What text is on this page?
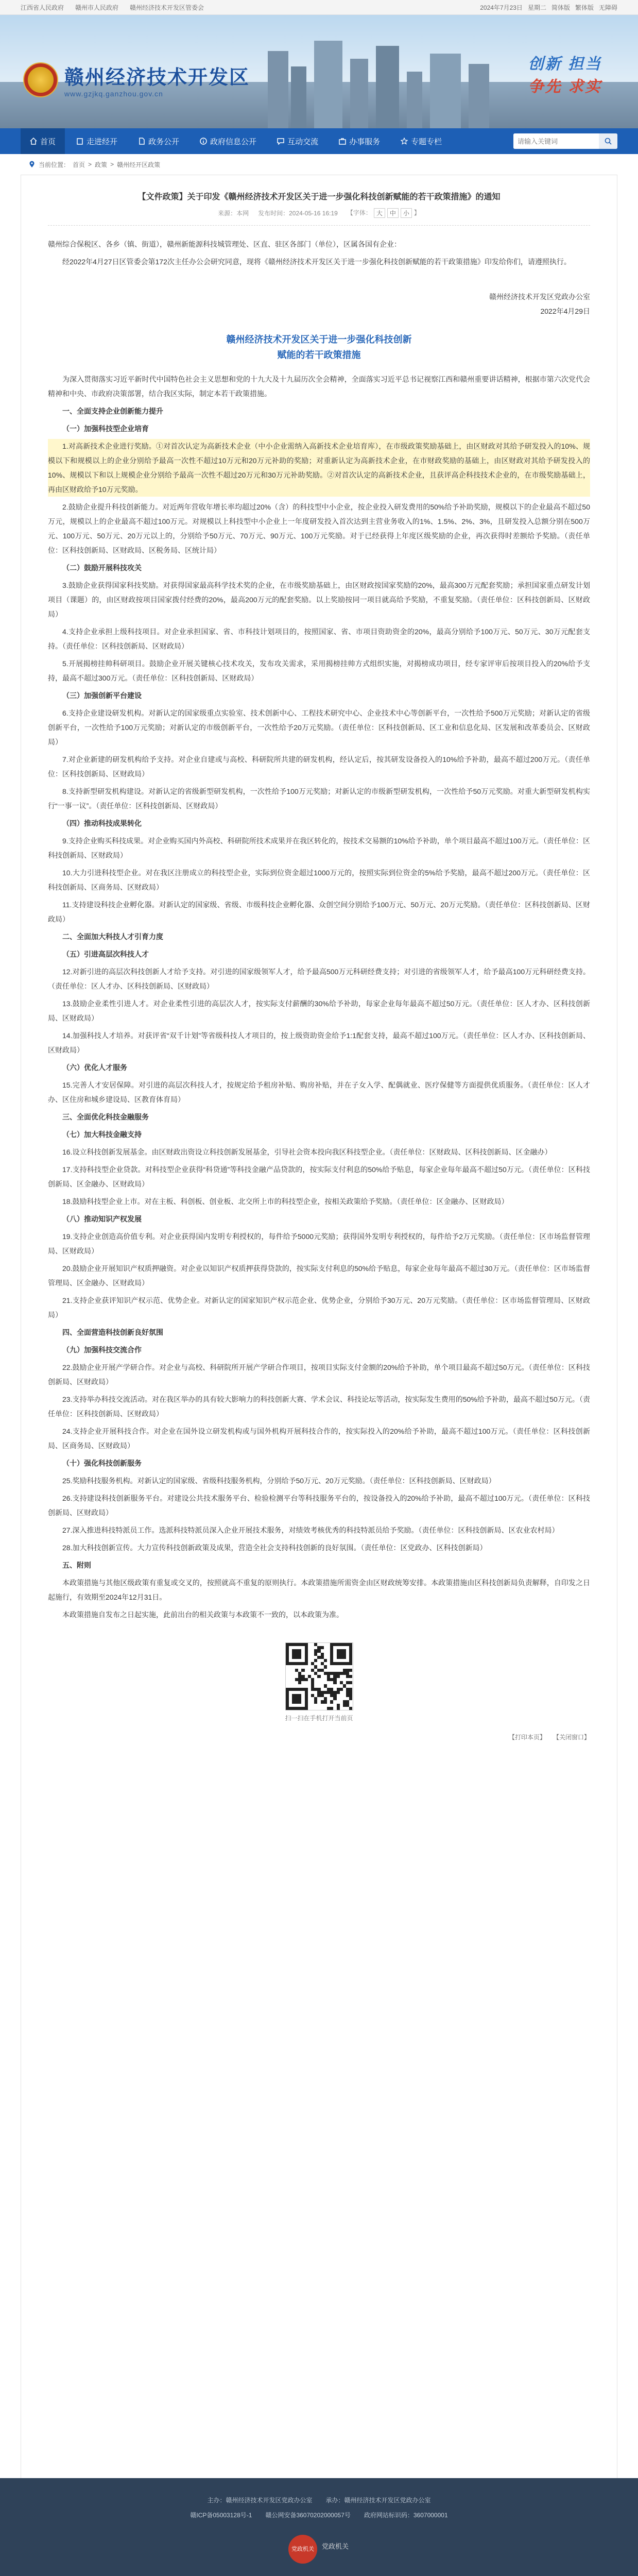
江西省人民政府 赣州市人民政府 赣州经济技术开发区管委会	2024年7月23日 星期二 简体版 繁体版 无障碍
赣州经济技术开发区
www.gzjkq.ganzhou.gov.cn
创新 担当
争先 求实
首页	走进经开	政务公开	政府信息公开	互动交流	办事服务	专题专栏
请输入关键词
当前位置： 首页 > 政策 > 赣州经开区政策
【文件政策】关于印发《赣州经济技术开发区关于进一步强化科技创新赋能的若干政策措施》的通知
来源：本网 发布时间：2024-05-16 16:19 【字体： 大	中	小 】

赣州综合保税区、各乡（镇、街道），赣州新能源科技城管理处、区直、驻区各部门（单位），区属各国有企业：

经2022年4月27日区管委会第172次主任办公会研究同意，现将《赣州经济技术开发区关于进一步强化科技创新赋能的若干政策措施》印发给你们，请遵照执行。

赣州经济技术开发区党政办公室

2022年4月29日

赣州经济技术开发区关于进一步强化科技创新
赋能的若干政策措施

为深入贯彻落实习近平新时代中国特色社会主义思想和党的十九大及十九届历次全会精神，全面落实习近平总书记视察江西和赣州重要讲话精神，根据市第六次党代会精神和中央、市政府决策部署，结合我区实际，制定本若干政策措施。

一、全面支持企业创新能力提升

（一）加强科技型企业培育

1.对高新技术企业进行奖励。①对首次认定为高新技术企业（中小企业需纳入高新技术企业培育库），在市级政策奖励基础上，由区财政对其给予研发投入的10%、规模以下和规模以上的企业分别给予最高一次性不超过10万元和20万元补助的奖励；对重新认定为高新技术企业，在市财政奖励的基础上，由区财政对其给予研发投入的10%、规模以下和以上规模企业分别给予最高一次性不超过20万元和30万元补助奖励。②对首次认定的高新技术企业，且获评高企科技技术企业的，在市级奖励基础上，再由区财政给予10万元奖励。

2.鼓励企业提升科技创新能力。对近两年营收年增长率均超过20%（含）的科技型中小企业，按企业投入研发费用的50%给予补助奖励，规模以下的企业最高不超过50万元，规模以上的企业最高不超过100万元。对规模以上科技型中小企业上一年度研发投入首次达到主营业务收入的1%、1.5%、2%、3%，且研发投入总额分别在500万元、100万元、50万元、20万元以上的，分别给予50万元、70万元、90万元、100万元奖励。对于已经获得上年度区级奖励的企业，再次获得时差额给予奖励。（责任单位：区科技创新局、区财政局、区税务局、区统计局）

（二）鼓励开展科技攻关

3.鼓励企业获得国家科技奖励。对获得国家最高科学技术奖的企业，在市级奖励基础上，由区财政按国家奖励的20%，最高300万元配套奖励；承担国家重点研发计划项目（课题）的，由区财政按项目国家拨付经费的20%，最高200万元的配套奖励。以上奖励按同一项目就高给予奖励，不重复奖励。（责任单位：区科技创新局、区财政局）

4.支持企业承担上级科技项目。对企业承担国家、省、市科技计划项目的，按照国家、省、市项目资助资金的20%，最高分别给予100万元、50万元、30万元配套支持。（责任单位：区科技创新局、区财政局）

5.开展揭榜挂帅科研项目。鼓励企业开展关键核心技术攻关，发布攻关需求，采用揭榜挂帅方式组织实施，对揭榜成功项目，经专家评审后按项目投入的20%给予支持，最高不超过300万元。（责任单位：区科技创新局、区财政局）

（三）加强创新平台建设

6.支持企业建设研发机构。对新认定的国家级重点实验室、技术创新中心、工程技术研究中心、企业技术中心等创新平台，一次性给予500万元奖励；对新认定的省级创新平台，一次性给予100万元奖励；对新认定的市级创新平台，一次性给予20万元奖励。（责任单位：区科技创新局、区工业和信息化局、区发展和改革委员会、区财政局）

7.对企业新建的研发机构给予支持。对企业自建或与高校、科研院所共建的研发机构，经认定后，按其研发设备投入的10%给予补助，最高不超过200万元。（责任单位：区科技创新局、区财政局）

8.支持新型研发机构建设。对新认定的省级新型研发机构，一次性给予100万元奖励；对新认定的市级新型研发机构，一次性给予50万元奖励。对重大新型研发机构实行“一事一议”。（责任单位：区科技创新局、区财政局）

（四）推动科技成果转化

9.支持企业购买科技成果。对企业购买国内外高校、科研院所技术成果并在我区转化的，按技术交易额的10%给予补助，单个项目最高不超过100万元。（责任单位：区科技创新局、区财政局）

10.大力引进科技型企业。对在我区注册成立的科技型企业，实际到位资金超过1000万元的，按照实际到位资金的5%给予奖励，最高不超过200万元。（责任单位：区科技创新局、区商务局、区财政局）

11.支持建设科技企业孵化器。对新认定的国家级、省级、市级科技企业孵化器、众创空间分别给予100万元、50万元、20万元奖励。（责任单位：区科技创新局、区财政局）

二、全面加大科技人才引育力度

（五）引进高层次科技人才

12.对新引进的高层次科技创新人才给予支持。对引进的国家级领军人才，给予最高500万元科研经费支持；对引进的省级领军人才，给予最高100万元科研经费支持。（责任单位：区人才办、区科技创新局、区财政局）

13.鼓励企业柔性引进人才。对企业柔性引进的高层次人才，按实际支付薪酬的30%给予补助，每家企业每年最高不超过50万元。（责任单位：区人才办、区科技创新局、区财政局）

14.加强科技人才培养。对获评省“双千计划”等省级科技人才项目的，按上级资助资金给予1:1配套支持，最高不超过100万元。（责任单位：区人才办、区科技创新局、区财政局）

（六）优化人才服务

15.完善人才安居保障。对引进的高层次科技人才，按规定给予租房补贴、购房补贴，并在子女入学、配偶就业、医疗保健等方面提供优质服务。（责任单位：区人才办、区住房和城乡建设局、区教育体育局）

三、全面优化科技金融服务

（七）加大科技金融支持

16.设立科技创新发展基金。由区财政出资设立科技创新发展基金，引导社会资本投向我区科技型企业。（责任单位：区财政局、区科技创新局、区金融办）

17.支持科技型企业贷款。对科技型企业获得“科贷通”等科技金融产品贷款的，按实际支付利息的50%给予贴息，每家企业每年最高不超过50万元。（责任单位：区科技创新局、区金融办、区财政局）

18.鼓励科技型企业上市。对在主板、科创板、创业板、北交所上市的科技型企业，按相关政策给予奖励。（责任单位：区金融办、区财政局）

（八）推动知识产权发展

19.支持企业创造高价值专利。对企业获得国内发明专利授权的，每件给予5000元奖励；获得国外发明专利授权的，每件给予2万元奖励。（责任单位：区市场监督管理局、区财政局）

20.鼓励企业开展知识产权质押融资。对企业以知识产权质押获得贷款的，按实际支付利息的50%给予贴息，每家企业每年最高不超过30万元。（责任单位：区市场监督管理局、区金融办、区财政局）

21.支持企业获评知识产权示范、优势企业。对新认定的国家知识产权示范企业、优势企业，分别给予30万元、20万元奖励。（责任单位：区市场监督管理局、区财政局）

四、全面营造科技创新良好氛围

（九）加强科技交流合作

22.鼓励企业开展产学研合作。对企业与高校、科研院所开展产学研合作项目，按项目实际支付金额的20%给予补助，单个项目最高不超过50万元。（责任单位：区科技创新局、区财政局）

23.支持举办科技交流活动。对在我区举办的具有较大影响力的科技创新大赛、学术会议、科技论坛等活动，按实际发生费用的50%给予补助，最高不超过50万元。（责任单位：区科技创新局、区财政局）

24.支持企业开展科技合作。对企业在国外设立研发机构或与国外机构开展科技合作的，按实际投入的20%给予补助，最高不超过100万元。（责任单位：区科技创新局、区商务局、区财政局）

（十）强化科技创新服务

25.奖励科技服务机构。对新认定的国家级、省级科技服务机构，分别给予50万元、20万元奖励。（责任单位：区科技创新局、区财政局）

26.支持建设科技创新服务平台。对建设公共技术服务平台、检验检测平台等科技服务平台的，按设备投入的20%给予补助，最高不超过100万元。（责任单位：区科技创新局、区财政局）

27.深入推进科技特派员工作。选派科技特派员深入企业开展技术服务，对绩效考核优秀的科技特派员给予奖励。（责任单位：区科技创新局、区农业农村局）

28.加大科技创新宣传。大力宣传科技创新政策及成果，营造全社会支持科技创新的良好氛围。（责任单位：区党政办、区科技创新局）

五、附则

本政策措施与其他区级政策有重复或交叉的，按照就高不重复的原则执行。本政策措施所需资金由区财政统筹安排。本政策措施由区科技创新局负责解释，自印发之日起施行，有效期至2024年12月31日。

本政策措施自发布之日起实施，此前出台的相关政策与本政策不一致的，以本政策为准。

扫一扫在手机打开当前页
【打印本页】 【关闭窗口】
主办：赣州经济技术开发区党政办公室 承办：赣州经济技术开发区党政办公室
赣ICP备05003128号-1 赣公网安备36070202000057号 政府网站标识码：3607000001
党政机关	党政机关
